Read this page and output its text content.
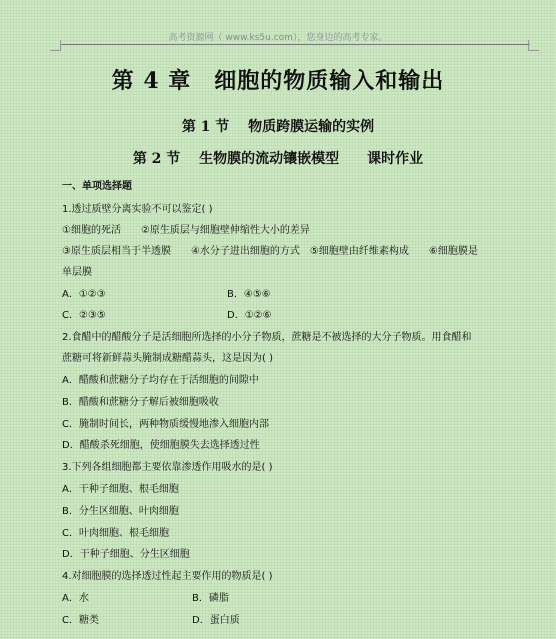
高考资源网（ www.ks5u.com），您身边的高考专家。
第 4 章　细胞的物质输入和输出
第 1 节　 物质跨膜运输的实例
第 2 节　 生物膜的流动镶嵌模型　　课时作业
一、单项选择题
1.透过质壁分离实验不可以鉴定( )
①细胞的死活　　②原生质层与细胞壁伸缩性大小的差异
③原生质层相当于半透膜　　④水分子进出细胞的方式　⑤细胞壁由纤维素构成　　⑥细胞膜是
单层膜
A．①②③	B．④⑤⑥
C．②③⑤	D．①②⑥
2.食醋中的醋酸分子是活细胞所选择的小分子物质，蔗糖是不被选择的大分子物质。用食醋和
蔗糖可将新鲜蒜头腌制成糖醋蒜头，这是因为( )
A．醋酸和蔗糖分子均存在于活细胞的间隙中
B．醋酸和蔗糖分子解后被细胞吸收
C．腌制时间长，两种物质缓慢地渗入细胞内部
D．醋酸杀死细胞，使细胞膜失去选择透过性
3.下列各组细胞都主要依靠渗透作用吸水的是( )
A．干种子细胞、根毛细胞
B．分生区细胞、叶肉细胞
C．叶肉细胞、根毛细胞
D．干种子细胞、分生区细胞
4.对细胞膜的选择透过性起主要作用的物质是( )
A．水	B．磷脂
C．糖类	D．蛋白质
